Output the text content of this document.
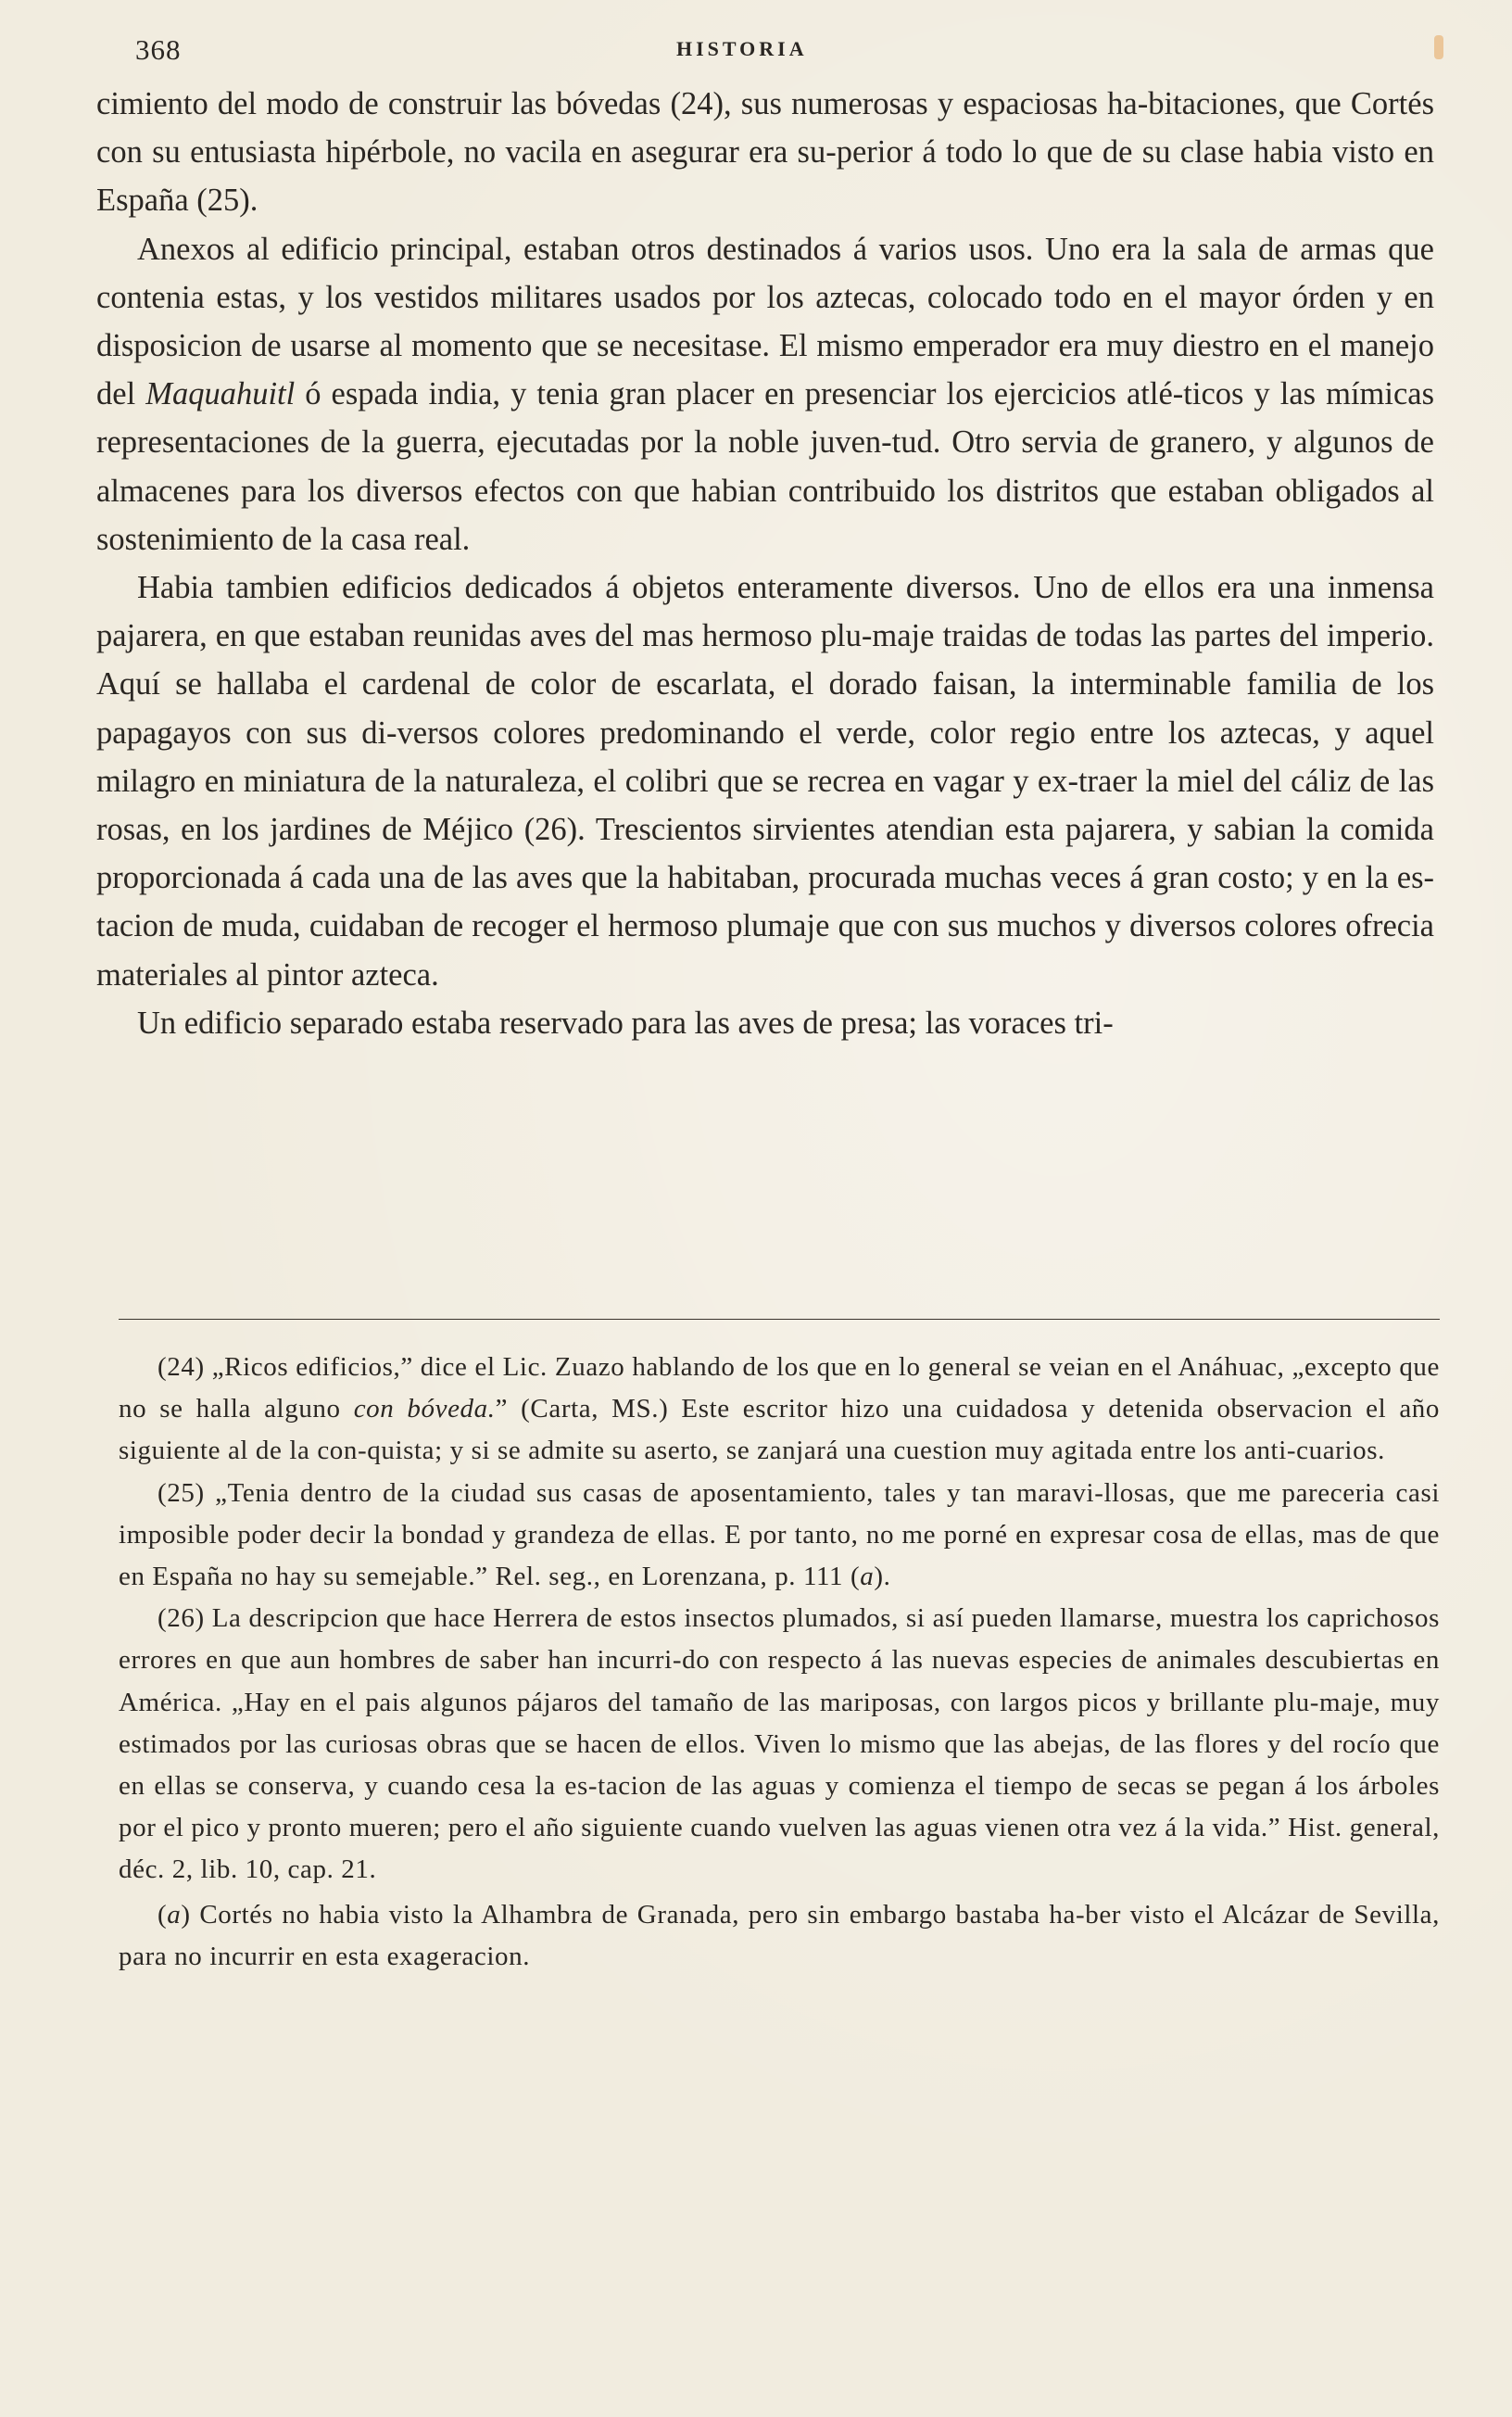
368	HISTORIA

cimiento del modo de construir las bóvedas (24), sus numerosas y espaciosas ha-bitaciones, que Cortés con su entusiasta hipérbole, no vacila en asegurar era su-perior á todo lo que de su clase habia visto en España (25).

Anexos al edificio principal, estaban otros destinados á varios usos. Uno era la sala de armas que contenia estas, y los vestidos militares usados por los aztecas, colocado todo en el mayor órden y en disposicion de usarse al momento que se necesitase. El mismo emperador era muy diestro en el manejo del Maquahuitl ó espada india, y tenia gran placer en presenciar los ejercicios atlé-ticos y las mímicas representaciones de la guerra, ejecutadas por la noble juven-tud. Otro servia de granero, y algunos de almacenes para los diversos efectos con que habian contribuido los distritos que estaban obligados al sostenimiento de la casa real.

Habia tambien edificios dedicados á objetos enteramente diversos. Uno de ellos era una inmensa pajarera, en que estaban reunidas aves del mas hermoso plu-maje traidas de todas las partes del imperio. Aquí se hallaba el cardenal de color de escarlata, el dorado faisan, la interminable familia de los papagayos con sus di-versos colores predominando el verde, color regio entre los aztecas, y aquel milagro en miniatura de la naturaleza, el colibri que se recrea en vagar y ex-traer la miel del cáliz de las rosas, en los jardines de Méjico (26). Trescientos sirvientes atendian esta pajarera, y sabian la comida proporcionada á cada una de las aves que la habitaban, procurada muchas veces á gran costo; y en la es-tacion de muda, cuidaban de recoger el hermoso plumaje que con sus muchos y diversos colores ofrecia materiales al pintor azteca.

Un edificio separado estaba reservado para las aves de presa; las voraces tri-

(24) „Ricos edificios,” dice el Lic. Zuazo hablando de los que en lo general se veian en el Anáhuac, „excepto que no se halla alguno con bóveda.” (Carta, MS.) Este escritor hizo una cuidadosa y detenida observacion el año siguiente al de la con-quista; y si se admite su aserto, se zanjará una cuestion muy agitada entre los anti-cuarios.

(25) „Tenia dentro de la ciudad sus casas de aposentamiento, tales y tan maravi-llosas, que me pareceria casi imposible poder decir la bondad y grandeza de ellas. E por tanto, no me porné en expresar cosa de ellas, mas de que en España no hay su semejable.” Rel. seg., en Lorenzana, p. 111 (a).

(26) La descripcion que hace Herrera de estos insectos plumados, si así pueden llamarse, muestra los caprichosos errores en que aun hombres de saber han incurri-do con respecto á las nuevas especies de animales descubiertas en América. „Hay en el pais algunos pájaros del tamaño de las mariposas, con largos picos y brillante plu-maje, muy estimados por las curiosas obras que se hacen de ellos. Viven lo mismo que las abejas, de las flores y del rocío que en ellas se conserva, y cuando cesa la es-tacion de las aguas y comienza el tiempo de secas se pegan á los árboles por el pico y pronto mueren; pero el año siguiente cuando vuelven las aguas vienen otra vez á la vida.” Hist. general, déc. 2, lib. 10, cap. 21.

(a) Cortés no habia visto la Alhambra de Granada, pero sin embargo bastaba ha-ber visto el Alcázar de Sevilla, para no incurrir en esta exageracion.
